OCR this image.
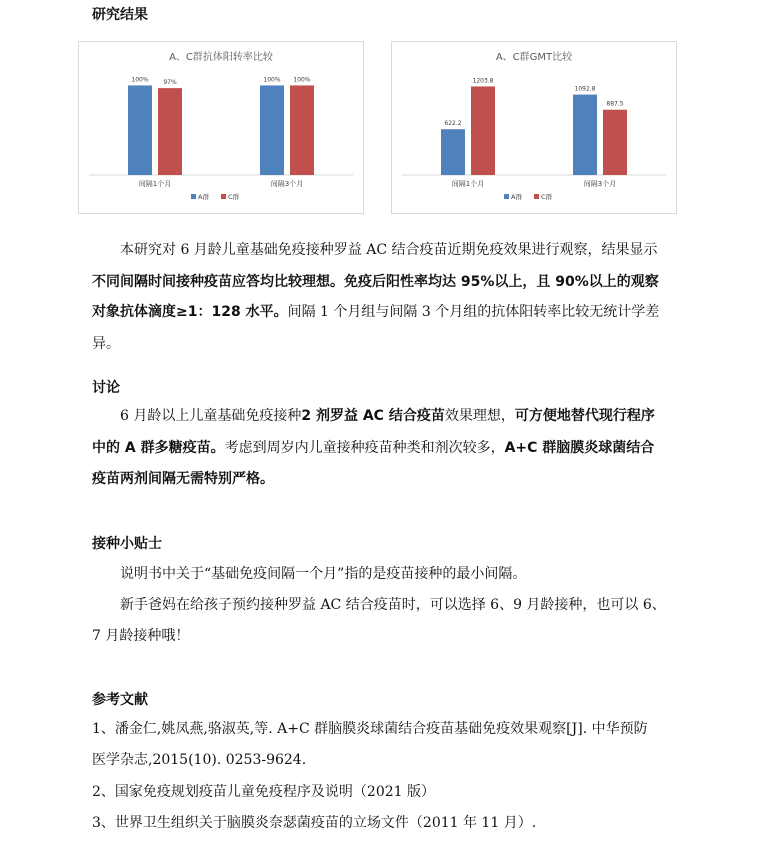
研究结果
A、C群抗体阳转率比较
100% 97%
间隔1个月
100% 100%
间隔3个月
A群	C群
A、C群GMT比较
622.2
1203.8
间隔1个月
1092.8
887.5
间隔3个月
A群	C群
本研究对 6 月龄儿童基础免疫接种罗益 AC 结合疫苗近期免疫效果进行观察，结果显示
不同间隔时间接种疫苗应答均比较理想。免疫后阳性率均达 95%以上，且 90%以上的观察
对象抗体滴度≥1：128 水平。间隔 1 个月组与间隔 3 个月组的抗体阳转率比较无统计学差
异。
讨论
6 月龄以上儿童基础免疫接种2 剂罗益 AC 结合疫苗效果理想，可方便地替代现行程序
中的 A 群多糖疫苗。考虑到周岁内儿童接种疫苗种类和剂次较多，A+C 群脑膜炎球菌结合
疫苗两剂间隔无需特别严格。
接种小贴士
说明书中关于“基础免疫间隔一个月”指的是疫苗接种的最小间隔。
新手爸妈在给孩子预约接种罗益 AC 结合疫苗时，可以选择 6、9 月龄接种，也可以 6、
7 月龄接种哦！
参考文献
1、潘金仁,姚凤燕,骆淑英,等. A+C 群脑膜炎球菌结合疫苗基础免疫效果观察[J]. 中华预防
医学杂志,2015(10). 0253-9624.
2、国家免疫规划疫苗儿童免疫程序及说明（2021 版）
3、世界卫生组织关于脑膜炎奈瑟菌疫苗的立场文件（2011 年 11 月）.
